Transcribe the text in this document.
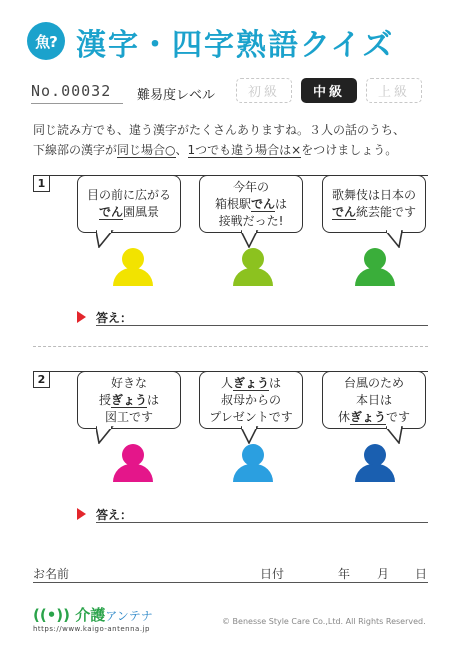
魚? 漢字・四字熟語クイズ
No.00032 難易度レベル	初級	中級	上級
同じ読み方でも、違う漢字がたくさんありますね。３人の話のうち、
下線部の漢字が同じ場合○、1つでも違う場合は×をつけましょう。
1
目の前に広がる
でん園風景
今年の
箱根駅でんは
接戦だった!
歌舞伎は日本の
でん統芸能です
答え：
2	好きな
授ぎょうは
図工です
人ぎょうは
叔母からの
プレゼントです
台風のため
本日は
休ぎょうです
答え：
お名前	日付	年 月 日
((•)) 介護アンテナ
https://www.kaigo-antenna.jp
© Benesse Style Care Co.,Ltd. All Rights Reserved.
